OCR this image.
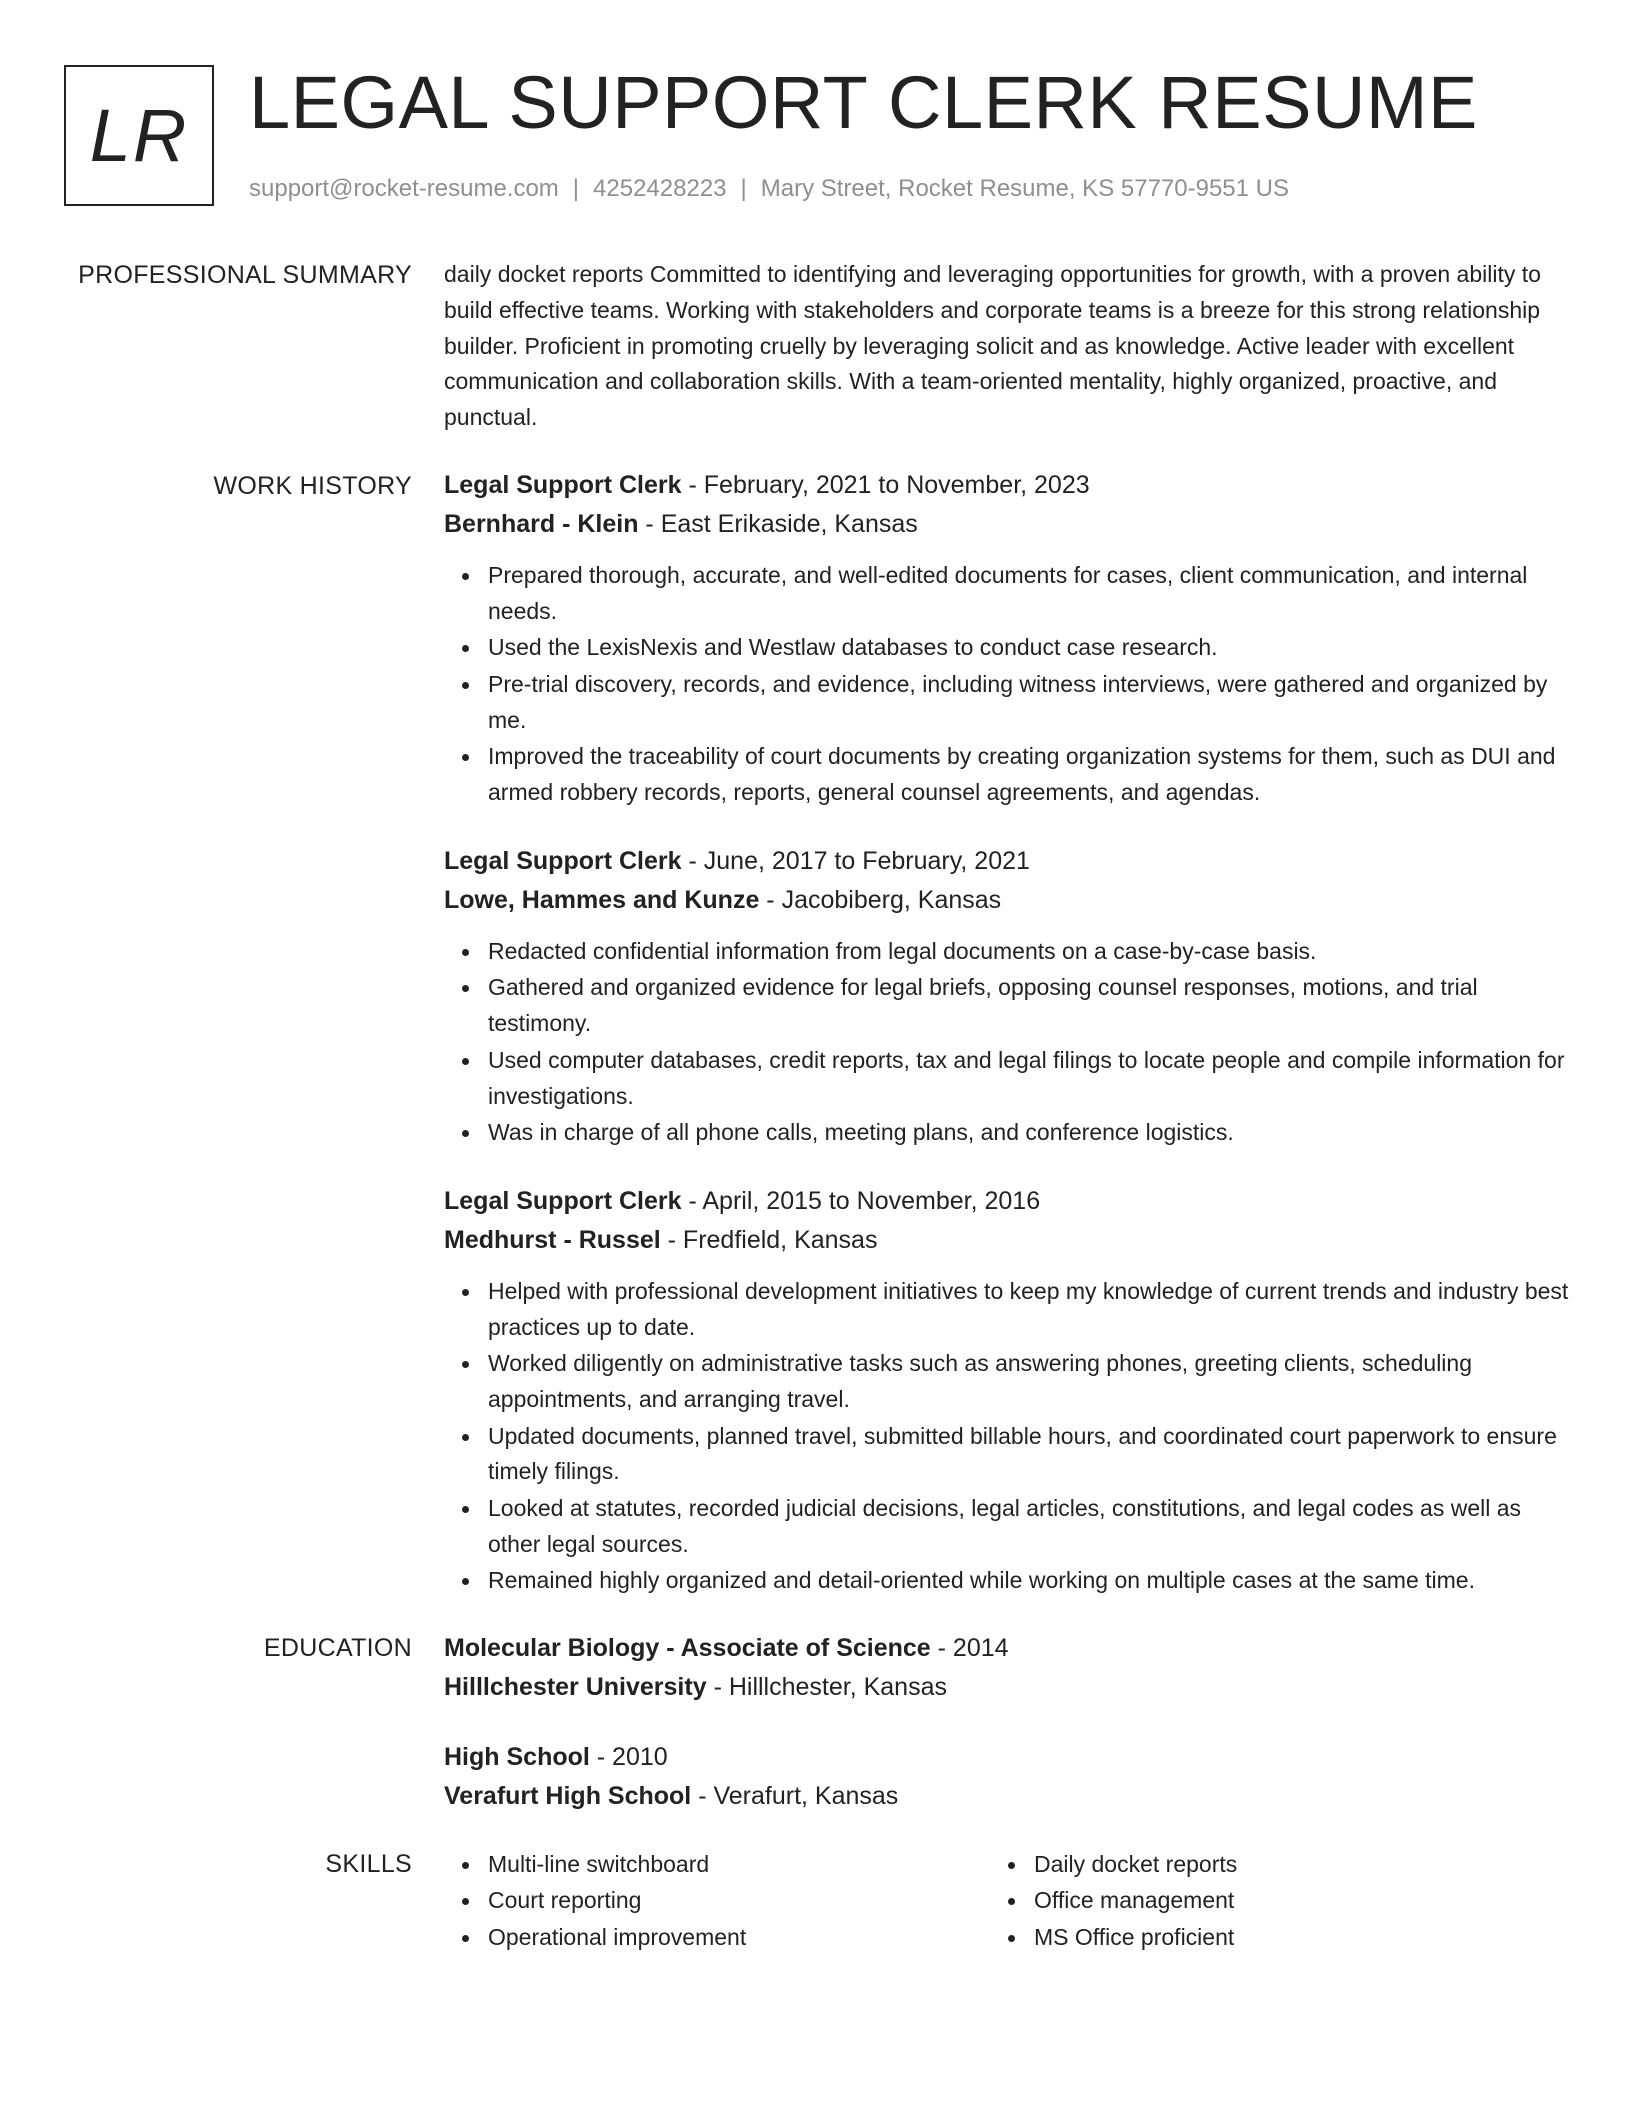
LR LEGAL SUPPORT CLERK RESUME
support@rocket-resume.com | 4252428223 | Mary Street, Rocket Resume, KS 57770-9551 US
PROFESSIONAL SUMMARY daily docket reports Committed to identifying and leveraging opportunities for growth, with a proven ability to build effective teams. Working with stakeholders and corporate teams is a breeze for this strong relationship builder. Proficient in promoting cruelly by leveraging solicit and as knowledge. Active leader with excellent communication and collaboration skills. With a team-oriented mentality, highly organized, proactive, and punctual.

WORK HISTORY Legal Support Clerk - February, 2021 to November, 2023

Bernhard - Klein - East Erikaside, Kansas

Prepared thorough, accurate, and well-edited documents for cases, client communication, and internal needs.
Used the LexisNexis and Westlaw databases to conduct case research.
Pre-trial discovery, records, and evidence, including witness interviews, were gathered and organized by me.
Improved the traceability of court documents by creating organization systems for them, such as DUI and armed robbery records, reports, general counsel agreements, and agendas.

Legal Support Clerk - June, 2017 to February, 2021

Lowe, Hammes and Kunze - Jacobiberg, Kansas

Redacted confidential information from legal documents on a case-by-case basis.
Gathered and organized evidence for legal briefs, opposing counsel responses, motions, and trial testimony.
Used computer databases, credit reports, tax and legal filings to locate people and compile information for investigations.
Was in charge of all phone calls, meeting plans, and conference logistics.

Legal Support Clerk - April, 2015 to November, 2016

Medhurst - Russel - Fredfield, Kansas

Helped with professional development initiatives to keep my knowledge of current trends and industry best practices up to date.
Worked diligently on administrative tasks such as answering phones, greeting clients, scheduling appointments, and arranging travel.
Updated documents, planned travel, submitted billable hours, and coordinated court paperwork to ensure timely filings.
Looked at statutes, recorded judicial decisions, legal articles, constitutions, and legal codes as well as other legal sources.
Remained highly organized and detail-oriented while working on multiple cases at the same time.
EDUCATION Molecular Biology - Associate of Science - 2014

Hilllchester University - Hilllchester, Kansas

High School - 2010

Verafurt High School - Verafurt, Kansas

SKILLS	Multi-line switchboard
Court reporting
Operational improvement
Daily docket reports
Office management
MS Office proficient
